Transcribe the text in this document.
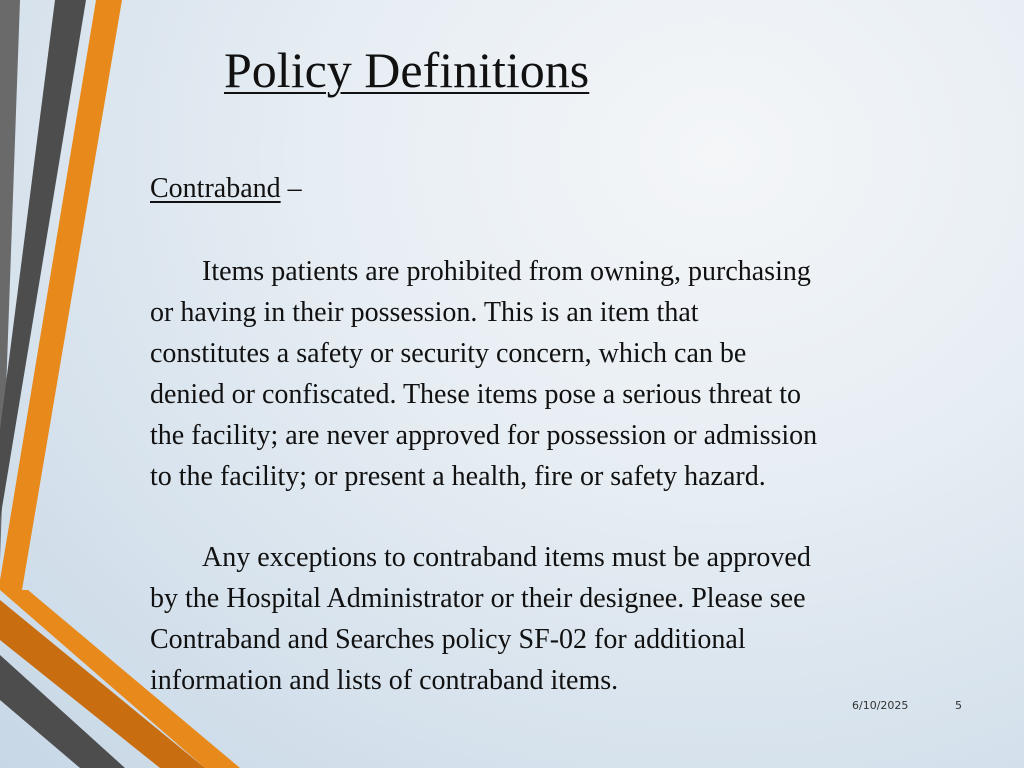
Policy Definitions
Contraband –

Items patients are prohibited from owning, purchasing
or having in their possession. This is an item that
constitutes a safety or security concern, which can be
denied or confiscated. These items pose a serious threat to
the facility; are never approved for possession or admission
to the facility; or present a health, fire or safety hazard.

Any exceptions to contraband items must be approved
by the Hospital Administrator or their designee. Please see
Contraband and Searches policy SF-02 for additional
information and lists of contraband items.

6/10/2025	5
